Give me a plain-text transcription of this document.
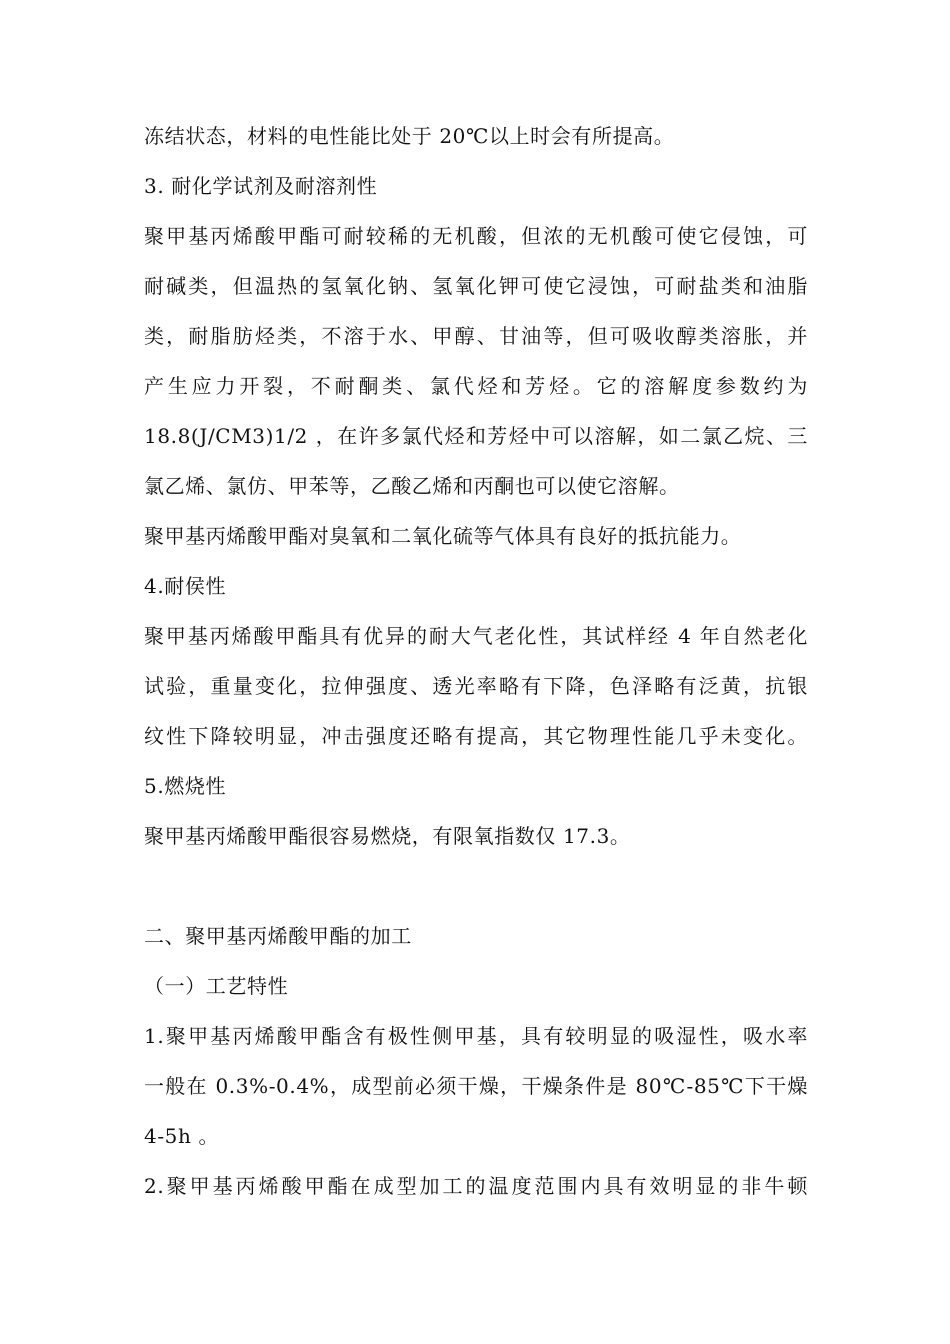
冻结状态，材料的电性能比处于 20℃以上时会有所提高。
3. 耐化学试剂及耐溶剂性
聚甲基丙烯酸甲酯可耐较稀的无机酸，但浓的无机酸可使它侵蚀，可
耐碱类，但温热的氢氧化钠、氢氧化钾可使它浸蚀，可耐盐类和油脂
类，耐脂肪烃类，不溶于水、甲醇、甘油等，但可吸收醇类溶胀，并
产生应力开裂，不耐酮类、氯代烃和芳烃。它的溶解度参数约为
18.8(J/CM3)1/2 ，在许多氯代烃和芳烃中可以溶解，如二氯乙烷、三
氯乙烯、氯仿、甲苯等，乙酸乙烯和丙酮也可以使它溶解。
聚甲基丙烯酸甲酯对臭氧和二氧化硫等气体具有良好的抵抗能力。
4.耐侯性
聚甲基丙烯酸甲酯具有优异的耐大气老化性，其试样经 4 年自然老化
试验，重量变化，拉伸强度、透光率略有下降，色泽略有泛黄，抗银
纹性下降较明显，冲击强度还略有提高，其它物理性能几乎未变化。
5.燃烧性
聚甲基丙烯酸甲酯很容易燃烧，有限氧指数仅 17.3。
二、聚甲基丙烯酸甲酯的加工
（一）工艺特性
1.聚甲基丙烯酸甲酯含有极性侧甲基，具有较明显的吸湿性，吸水率
一般在 0.3%-0.4%，成型前必须干燥，干燥条件是 80℃-85℃下干燥
4-5h 。
2.聚甲基丙烯酸甲酯在成型加工的温度范围内具有效明显的非牛顿
